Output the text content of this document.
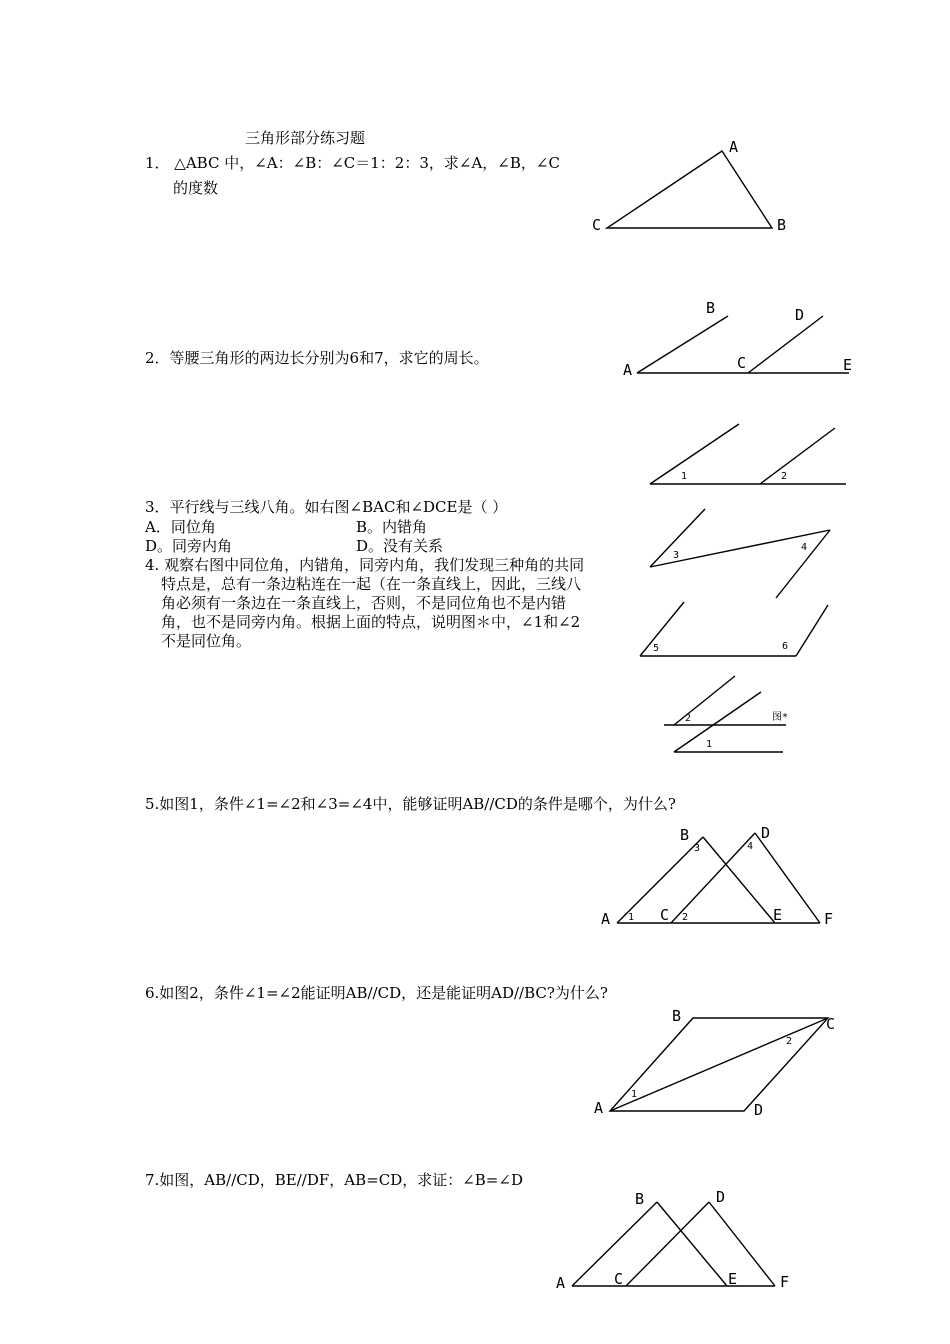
三角形部分练习题
1． △ABC 中，∠A：∠B：∠C＝1：2：3，求∠A，∠B，∠C
的度数
2．等腰三角形的两边长分别为6和7，求它的周长。
3．平行线与三线八角。如右图∠BAC和∠DCE是（ ）
A．同位角	B。内错角
D。同旁内角	D。没有关系
4. 观察右图中同位角，内错角，同旁内角，我们发现三种角的共同
特点是，总有一条边粘连在一起（在一条直线上，因此，三线八
角必须有一条边在一条直线上，否则，不是同位角也不是内错
角，也不是同旁内角。根据上面的特点，说明图＊中，∠1和∠2
不是同位角。
5.如图1，条件∠1=∠2和∠3=∠4中，能够证明AB//CD的条件是哪个，为什么?
6.如图2，条件∠1=∠2能证明AB//CD，还是能证明AD//BC?为什么?
7.如图，AB//CD，BE//DF，AB=CD，求证：∠B=∠D
A
B
C
B	D
A	C	E
1	2
3
4
5	6
2
1
图*
B	D
A	C	E	F
3	4
1	2
B	C
A	D
1
2
B	D
A	C	E	F
